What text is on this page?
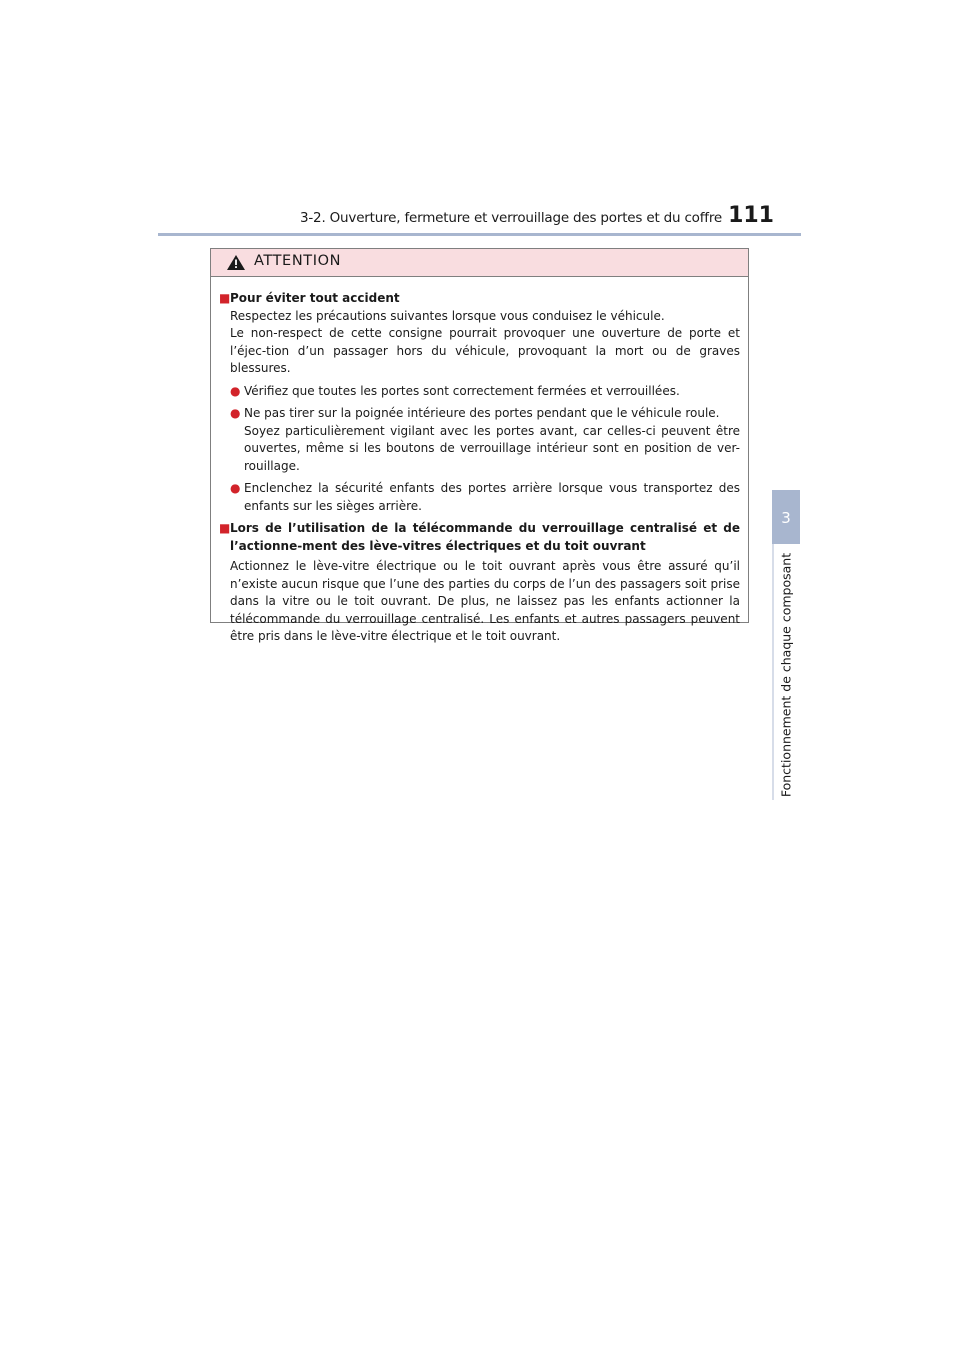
3-2. Ouverture, fermeture et verrouillage des portes et du coffre 111
3
Fonctionnement de chaque composant
ATTENTION
■ Pour éviter tout accident

Respectez les précautions suivantes lorsque vous conduisez le véhicule.

Le non-respect de cette consigne pourrait provoquer une ouverture de porte et l’éjec-tion d’un passager hors du véhicule, provoquant la mort ou de graves blessures.

● Vérifiez que toutes les portes sont correctement fermées et verrouillées.

● Ne pas tirer sur la poignée intérieure des portes pendant que le véhicule roule.

Soyez particulièrement vigilant avec les portes avant, car celles-ci peuvent être ouvertes, même si les boutons de verrouillage intérieur sont en position de ver-rouillage.

● Enclenchez la sécurité enfants des portes arrière lorsque vous transportez des enfants sur les sièges arrière.

■ Lors de l’utilisation de la télécommande du verrouillage centralisé et de l’actionne-ment des lève-vitres électriques et du toit ouvrant

Actionnez le lève-vitre électrique ou le toit ouvrant après vous être assuré qu’il n’existe aucun risque que l’une des parties du corps de l’un des passagers soit prise dans la vitre ou le toit ouvrant. De plus, ne laissez pas les enfants actionner la télécommande du verrouillage centralisé. Les enfants et autres passagers peuvent être pris dans le lève-vitre électrique et le toit ouvrant.
